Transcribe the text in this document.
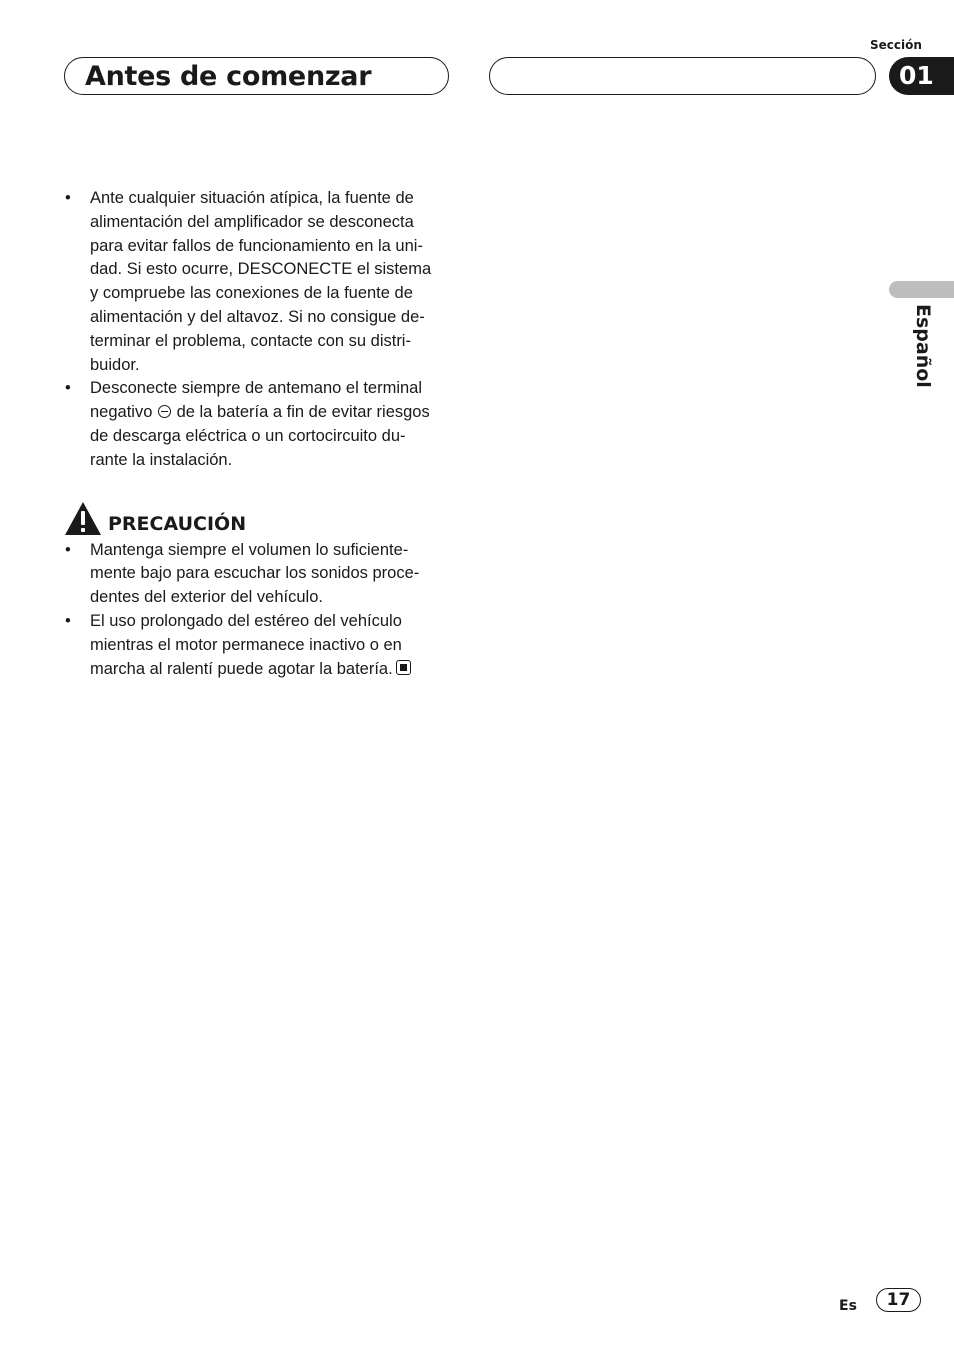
Antes de comenzar
Sección
01
Español
• Ante cualquier situación atípica, la fuente de
alimentación del amplificador se desconecta
para evitar fallos de funcionamiento en la uni-
dad. Si esto ocurre, DESCONECTE el sistema
y compruebe las conexiones de la fuente de
alimentación y del altavoz. Si no consigue de-
terminar el problema, contacte con su distri-
buidor.
• Desconecte siempre de antemano el terminal
negativo de la batería a fin de evitar riesgos
de descarga eléctrica o un cortocircuito du-
rante la instalación.
PRECAUCIÓN
• Mantenga siempre el volumen lo suficiente-
mente bajo para escuchar los sonidos proce-
dentes del exterior del vehículo.
• El uso prolongado del estéreo del vehículo
mientras el motor permanece inactivo o en
marcha al ralentí puede agotar la batería.
Es	17
